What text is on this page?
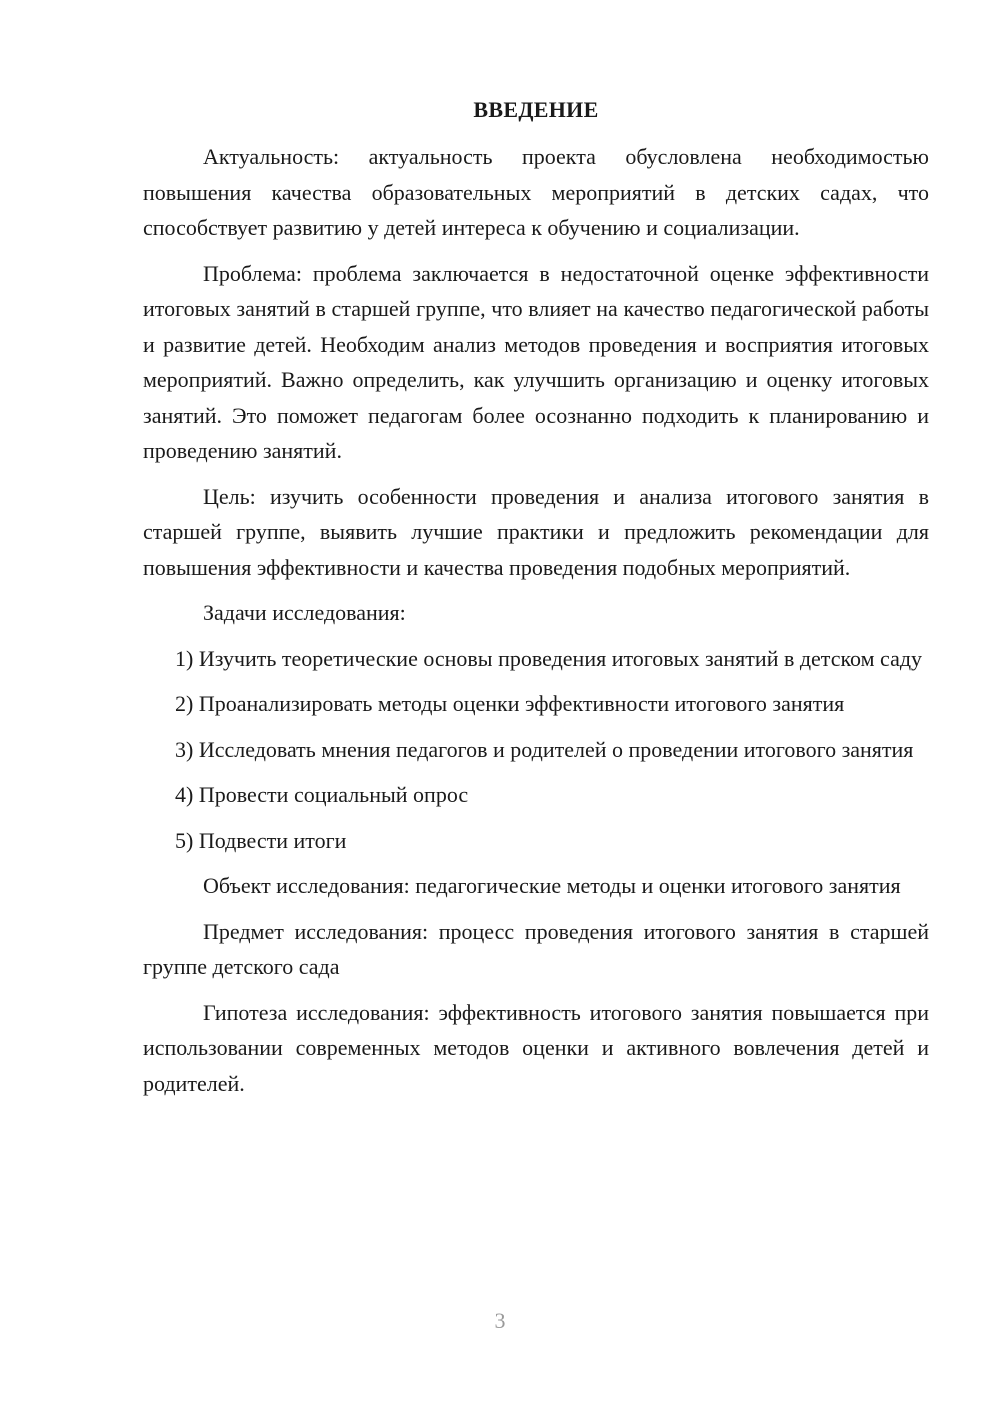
ВВЕДЕНИЕ

Актуальность: актуальность проекта обусловлена необходимостью повышения качества образовательных мероприятий в детских садах, что способствует развитию у детей интереса к обучению и социализации.

Проблема: проблема заключается в недостаточной оценке эффективности итоговых занятий в старшей группе, что влияет на качество педагогической работы и развитие детей. Необходим анализ методов проведения и восприятия итоговых мероприятий. Важно определить, как улучшить организацию и оценку итоговых занятий. Это поможет педагогам более осознанно подходить к планированию и проведению занятий.

Цель: изучить особенности проведения и анализа итогового занятия в старшей группе, выявить лучшие практики и предложить рекомендации для повышения эффективности и качества проведения подобных мероприятий.

Задачи исследования:

1) Изучить теоретические основы проведения итоговых занятий в детском саду

2) Проанализировать методы оценки эффективности итогового занятия

3) Исследовать мнения педагогов и родителей о проведении итогового занятия

4) Провести социальный опрос

5) Подвести итоги

Объект исследования: педагогические методы и оценки итогового занятия

Предмет исследования: процесс проведения итогового занятия в старшей группе детского сада

Гипотеза исследования: эффективность итогового занятия повышается при использовании современных методов оценки и активного вовлечения детей и родителей.

3
